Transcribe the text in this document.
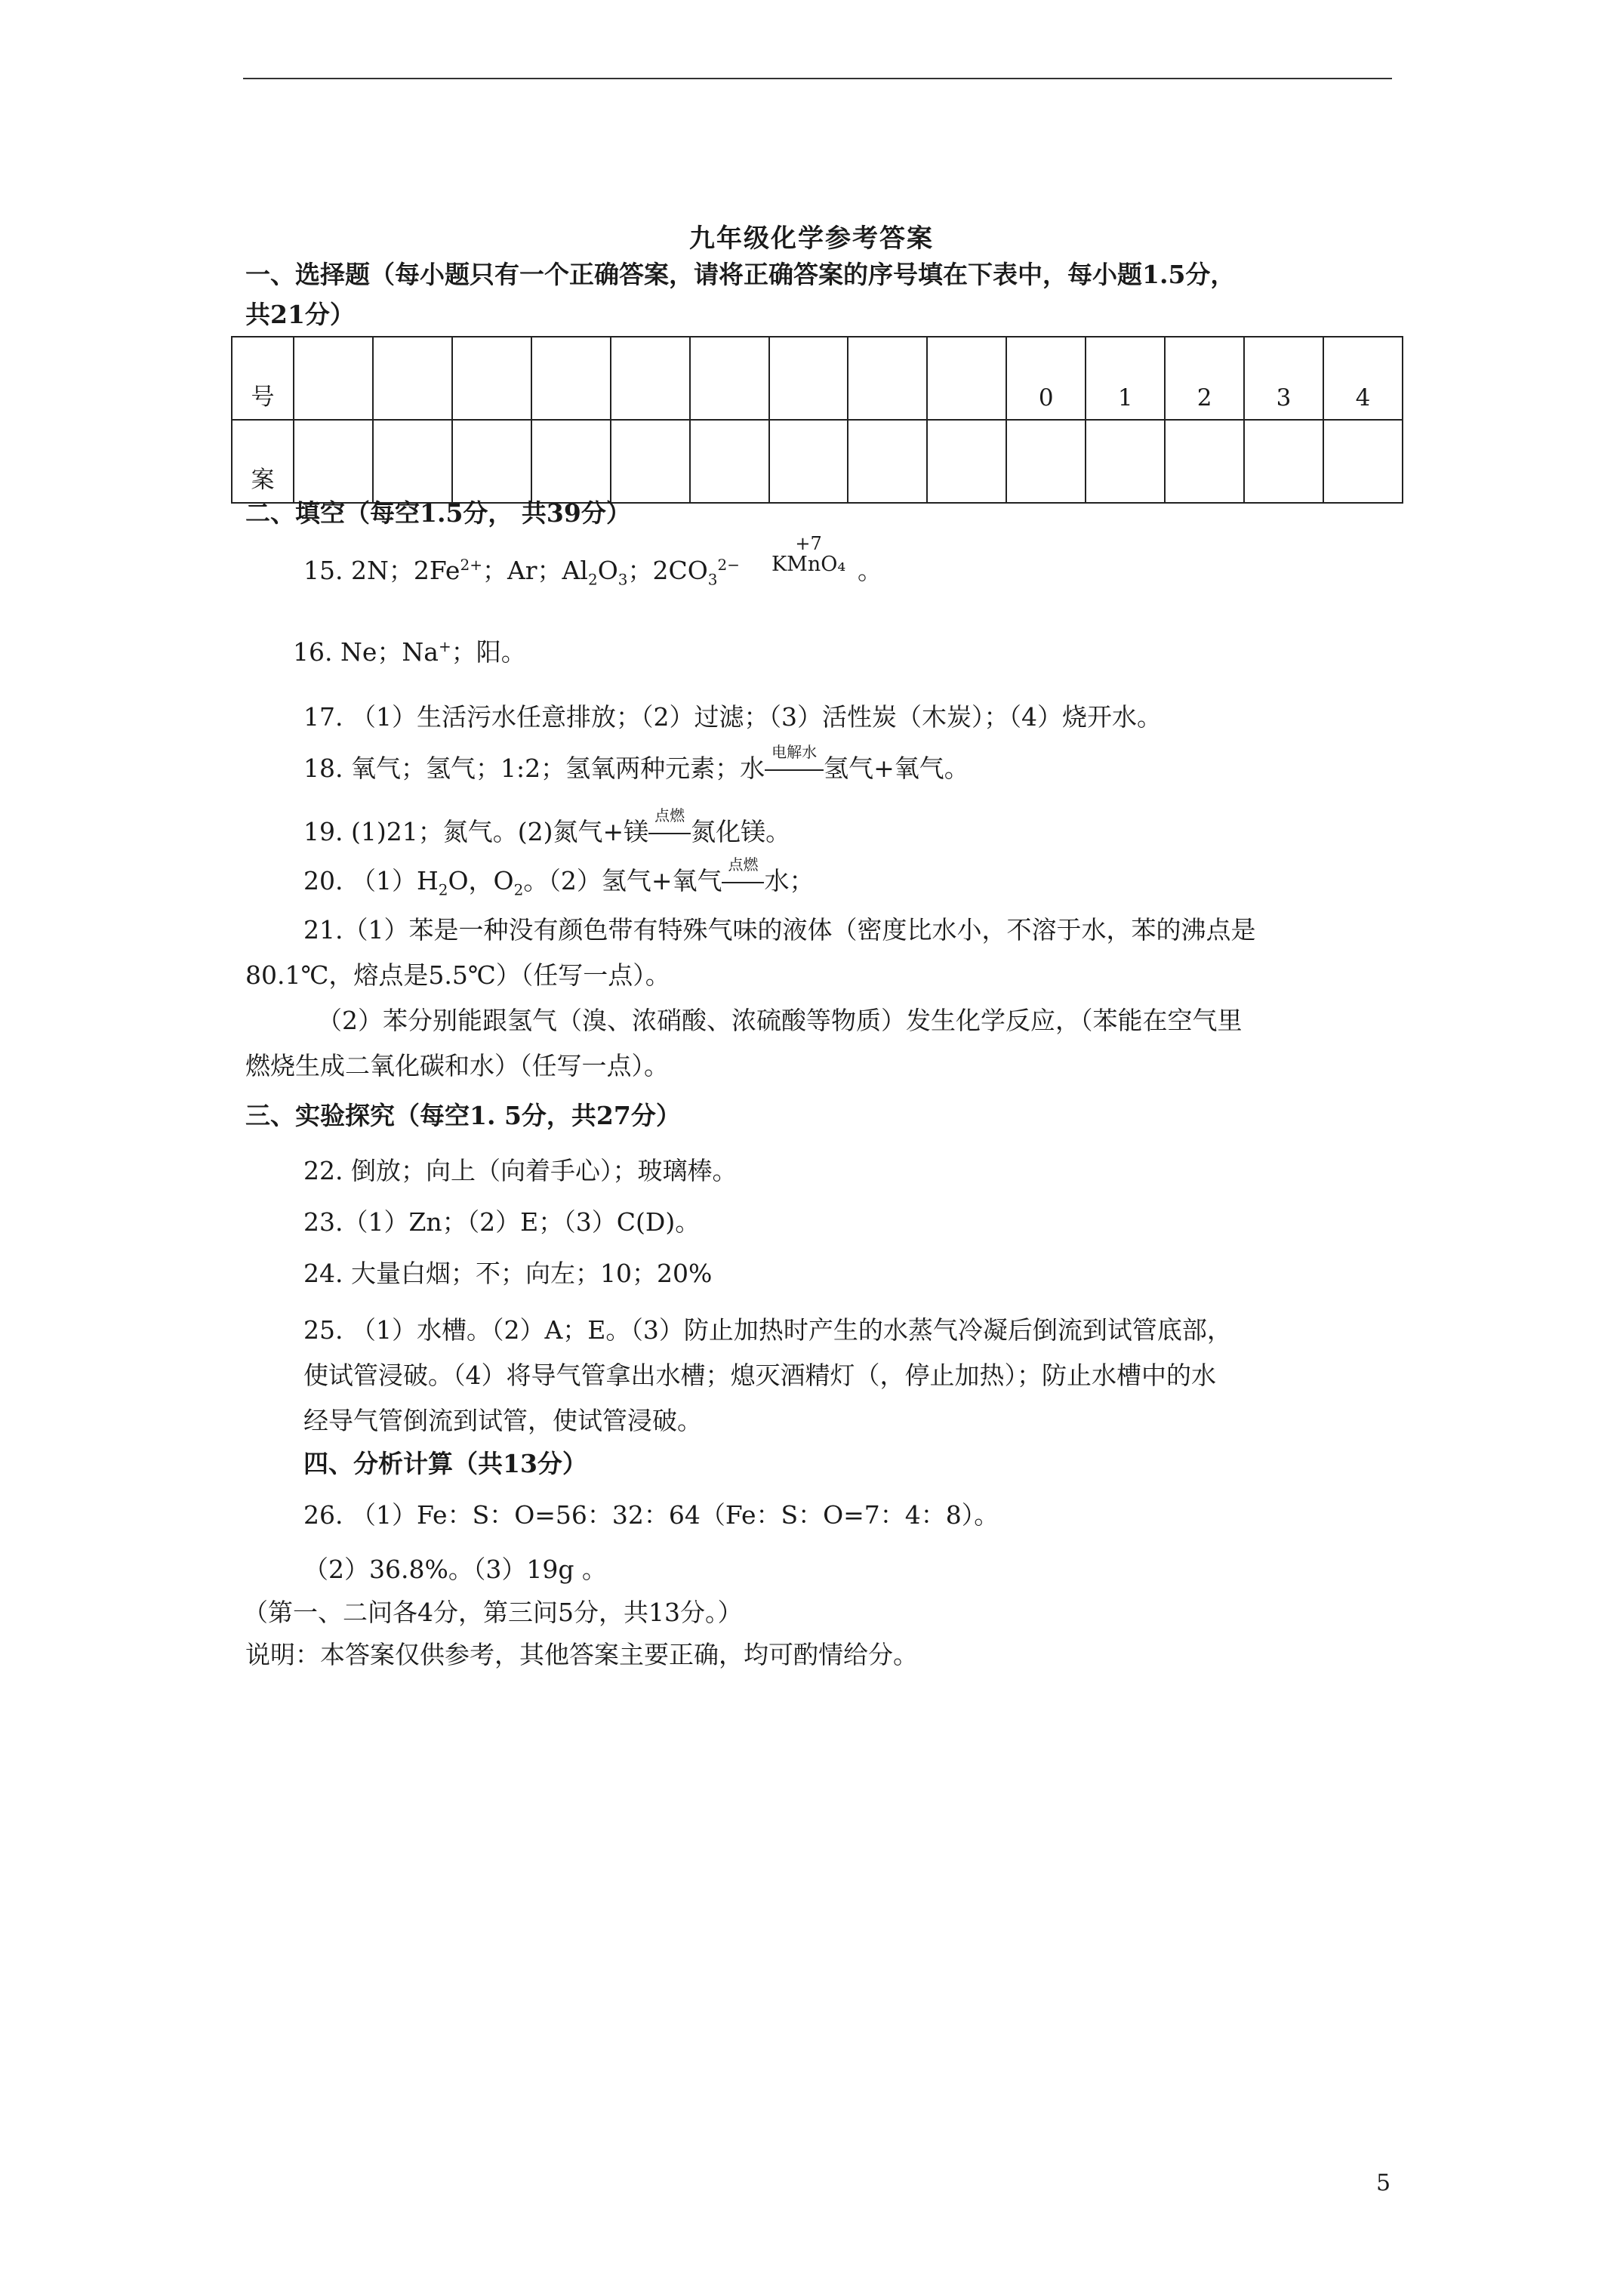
九年级化学参考答案
一、选择题（每小题只有一个正确答案，请将正确答案的序号填在下表中，每小题1.5分，
共21分）
号										0	1	2	3	4
案														
二、填空（每空1.5分， 共39分）
15. 2N；$2Fe^{2+}$；Ar；$Al_2O_3$；$2CO_3^{2-}$
+7
KMnO₄ 。
16. Ne；Na+；阳。
17. （1）生活污水任意排放；（2）过滤；（3）活性炭（木炭）；（4）烧开水。
18. 氧气；氢气；1:2；氢氧两种元素；水
电解水
氢气+氧气。
19. (1)21；氮气。(2)氮气+镁
点燃
氮化镁。
20. $(1)H_2O$，$O_2$。（2）氢气+氧气
点燃
水；
21.（1）苯是一种没有颜色带有特殊气味的液体（密度比水小，不溶于水，苯的沸点是
80.1℃，熔点是5.5℃）（任写一点）。
（2）苯分别能跟氢气（溴、浓硝酸、浓硫酸等物质）发生化学反应，（苯能在空气里
燃烧生成二氧化碳和水）（任写一点）。
三、实验探究（每空1. 5分，共27分）
22. 倒放；向上（向着手心）；玻璃棒。
23.（1）Zn；（2）E；（3）C(D)。
24. 大量白烟；不；向左；10；20%
25. （1）水槽。（2）A；E。（3）防止加热时产生的水蒸气冷凝后倒流到试管底部，
使试管浸破。（4）将导气管拿出水槽；熄灭酒精灯（，停止加热）；防止水槽中的水
经导气管倒流到试管，使试管浸破。
四、分析计算（共13分）
26. （1）Fe：S：O=56：32：64（Fe：S：O=7：4：8）。
（2）36.8%。（3）19g 。
（第一、二问各4分，第三问5分，共13分。）
说明：本答案仅供参考，其他答案主要正确，均可酌情给分。
5
